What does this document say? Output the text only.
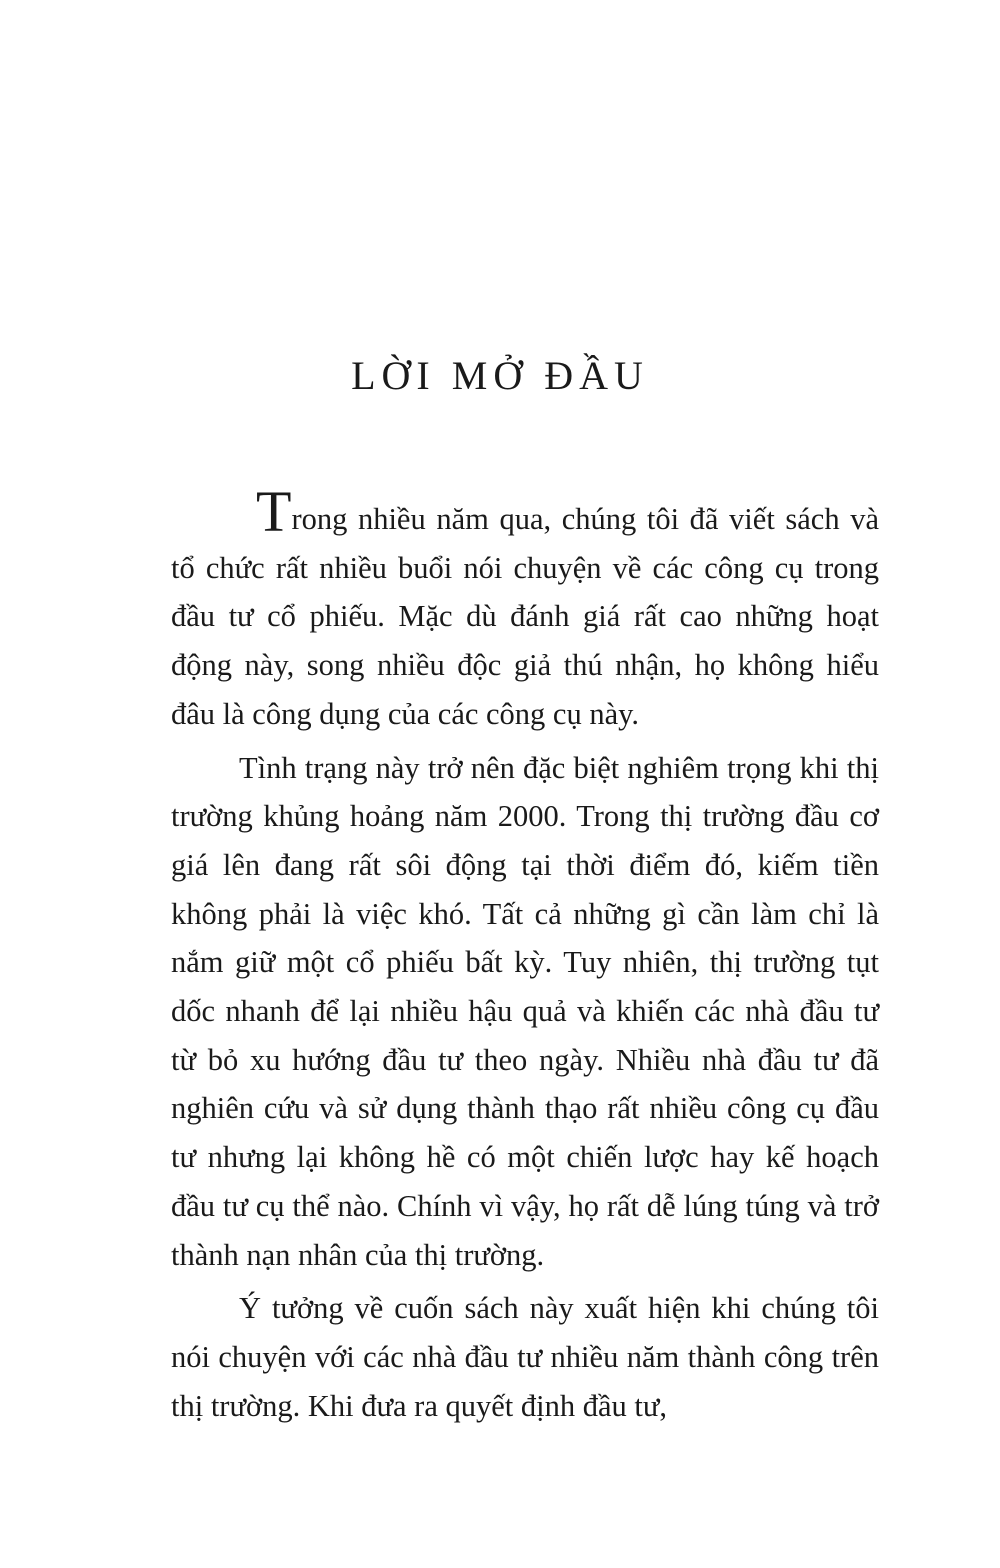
LỜI MỞ ĐẦU

Trong nhiều năm qua, chúng tôi đã viết sách và tổ chức rất nhiều buổi nói chuyện về các công cụ trong đầu tư cổ phiếu. Mặc dù đánh giá rất cao những hoạt động này, song nhiều độc giả thú nhận, họ không hiểu đâu là công dụng của các công cụ này.

Tình trạng này trở nên đặc biệt nghiêm trọng khi thị trường khủng hoảng năm 2000. Trong thị trường đầu cơ giá lên đang rất sôi động tại thời điểm đó, kiếm tiền không phải là việc khó. Tất cả những gì cần làm chỉ là nắm giữ một cổ phiếu bất kỳ. Tuy nhiên, thị trường tụt dốc nhanh để lại nhiều hậu quả và khiến các nhà đầu tư từ bỏ xu hướng đầu tư theo ngày. Nhiều nhà đầu tư đã nghiên cứu và sử dụng thành thạo rất nhiều công cụ đầu tư nhưng lại không hề có một chiến lược hay kế hoạch đầu tư cụ thể nào. Chính vì vậy, họ rất dễ lúng túng và trở thành nạn nhân của thị trường.

Ý tưởng về cuốn sách này xuất hiện khi chúng tôi nói chuyện với các nhà đầu tư nhiều năm thành công trên thị trường. Khi đưa ra quyết định đầu tư,
